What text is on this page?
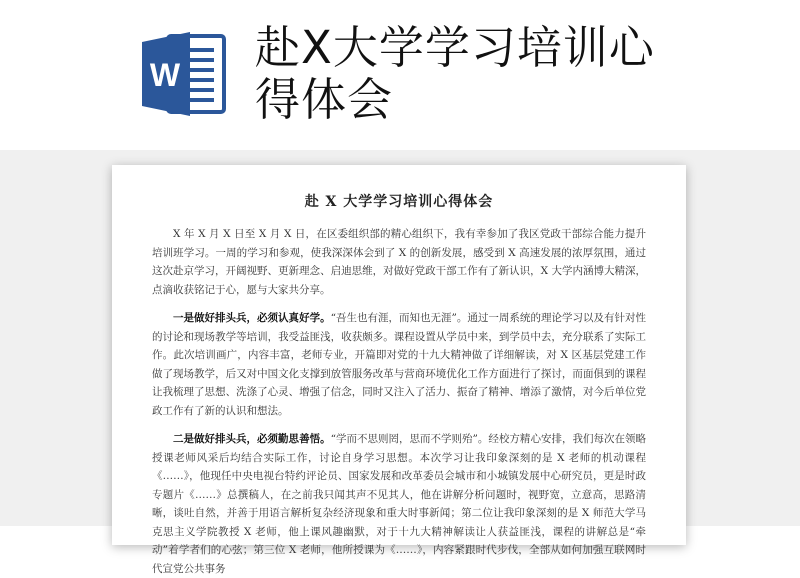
W
赴X大学学习培训心得体会
赴 X 大学学习培训心得体会

X 年 X 月 X 日至 X 月 X 日，在区委组织部的精心组织下，我有幸参加了我区党政干部综合能力提升培训班学习。一周的学习和参观，使我深深体会到了 X 的创新发展，感受到 X 高速发展的浓厚氛围，通过这次赴京学习，开阔视野、更新理念、启迪思维，对做好党政干部工作有了新认识，X 大学内涵博大精深，点滴收获铭记于心，愿与大家共分享。

一是做好排头兵，必须认真好学。“吾生也有涯，而知也无涯”。通过一周系统的理论学习以及有针对性的讨论和现场教学等培训，我受益匪浅，收获颇多。课程设置从学员中来，到学员中去，充分联系了实际工作。此次培训画广，内容丰富，老师专业，开篇即对党的十九大精神做了详细解读，对 X 区基层党建工作做了现场教学，后又对中国文化支撑到放管服务改革与营商环境优化工作方面进行了探讨，而面俱到的课程让我梳理了思想、洗涤了心灵、增强了信念，同时又注入了活力、振奋了精神、增添了激情，对今后单位党政工作有了新的认识和想法。

二是做好排头兵，必须勤思善悟。“学而不思则罔，思而不学则殆”。经校方精心安排，我们每次在领略授课老师风采后均结合实际工作，讨论自身学习思想。本次学习让我印象深刻的是 X 老师的机动课程《……》，他现任中央电视台特约评论员、国家发展和改革委员会城市和小城镇发展中心研究员，更是时政专题片《……》总撰稿人，在之前我只闻其声不见其人，他在讲解分析问题时，视野宽，立意高，思路清晰，谈吐自然，并善于用语言解析复杂经济现象和重大时事新闻；第二位让我印象深刻的是 X 师范大学马克思主义学院教授 X 老师，他上课风趣幽默，对于十九大精神解读让人获益匪浅，课程的讲解总是“牵动”着学者们的心弦；第三位 X 老师，他所授课为《……》，内容紧跟时代步伐，全部从如何加强互联网时代宣党公共事务
